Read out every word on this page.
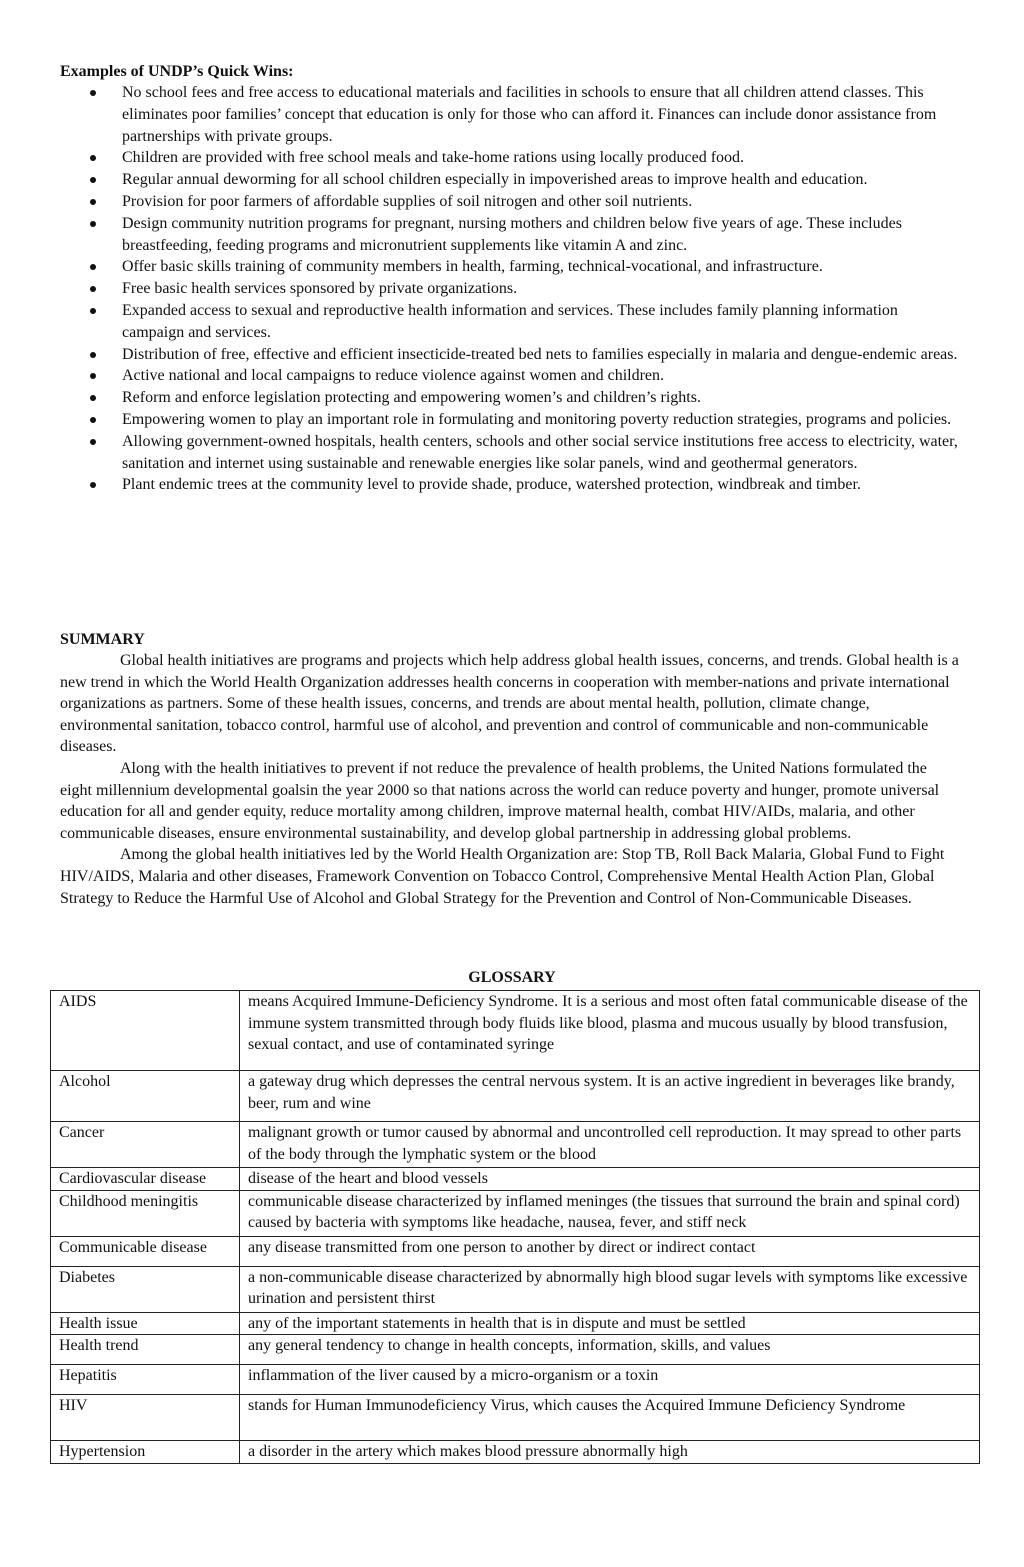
Examples of UNDP’s Quick Wins:
No school fees and free access to educational materials and facilities in schools to ensure that all children attend classes. This eliminates poor families’ concept that education is only for those who can afford it. Finances can include donor assistance from partnerships with private groups.
Children are provided with free school meals and take-home rations using locally produced food.
Regular annual deworming for all school children especially in impoverished areas to improve health and education.
Provision for poor farmers of affordable supplies of soil nitrogen and other soil nutrients.
Design community nutrition programs for pregnant, nursing mothers and children below five years of age. These includes breastfeeding, feeding programs and micronutrient supplements like vitamin A and zinc.
Offer basic skills training of community members in health, farming, technical-vocational, and infrastructure.
Free basic health services sponsored by private organizations.
Expanded access to sexual and reproductive health information and services. These includes family planning information campaign and services.
Distribution of free, effective and efficient insecticide-treated bed nets to families especially in malaria and dengue-endemic areas.
Active national and local campaigns to reduce violence against women and children.
Reform and enforce legislation protecting and empowering women’s and children’s rights.
Empowering women to play an important role in formulating and monitoring poverty reduction strategies, programs and policies.
Allowing government-owned hospitals, health centers, schools and other social service institutions free access to electricity, water, sanitation and internet using sustainable and renewable energies like solar panels, wind and geothermal generators.
Plant endemic trees at the community level to provide shade, produce, watershed protection, windbreak and timber.
SUMMARY

Global health initiatives are programs and projects which help address global health issues, concerns, and trends. Global health is a new trend in which the World Health Organization addresses health concerns in cooperation with member-nations and private international organizations as partners. Some of these health issues, concerns, and trends are about mental health, pollution, climate change, environmental sanitation, tobacco control, harmful use of alcohol, and prevention and control of communicable and non-communicable diseases.

Along with the health initiatives to prevent if not reduce the prevalence of health problems, the United Nations formulated the eight millennium developmental goalsin the year 2000 so that nations across the world can reduce poverty and hunger, promote universal education for all and gender equity, reduce mortality among children, improve maternal health, combat HIV/AIDs, malaria, and other communicable diseases, ensure environmental sustainability, and develop global partnership in addressing global problems.

Among the global health initiatives led by the World Health Organization are: Stop TB, Roll Back Malaria, Global Fund to Fight HIV/AIDS, Malaria and other diseases, Framework Convention on Tobacco Control, Comprehensive Mental Health Action Plan, Global Strategy to Reduce the Harmful Use of Alcohol and Global Strategy for the Prevention and Control of Non-Communicable Diseases.

GLOSSARY
AIDS	means Acquired Immune-Deficiency Syndrome. It is a serious and most often fatal communicable disease of the immune system transmitted through body fluids like blood, plasma and mucous usually by blood transfusion, sexual contact, and use of contaminated syringe
Alcohol	a gateway drug which depresses the central nervous system. It is an active ingredient in beverages like brandy, beer, rum and wine
Cancer	malignant growth or tumor caused by abnormal and uncontrolled cell reproduction. It may spread to other parts of the body through the lymphatic system or the blood
Cardiovascular disease	disease of the heart and blood vessels
Childhood meningitis	communicable disease characterized by inflamed meninges (the tissues that surround the brain and spinal cord) caused by bacteria with symptoms like headache, nausea, fever, and stiff neck
Communicable disease	any disease transmitted from one person to another by direct or indirect contact
Diabetes	a non-communicable disease characterized by abnormally high blood sugar levels with symptoms like excessive urination and persistent thirst
Health issue	any of the important statements in health that is in dispute and must be settled
Health trend	any general tendency to change in health concepts, information, skills, and values
Hepatitis	inflammation of the liver caused by a micro-organism or a toxin
HIV	stands for Human Immunodeficiency Virus, which causes the Acquired Immune Deficiency Syndrome
Hypertension	a disorder in the artery which makes blood pressure abnormally high
